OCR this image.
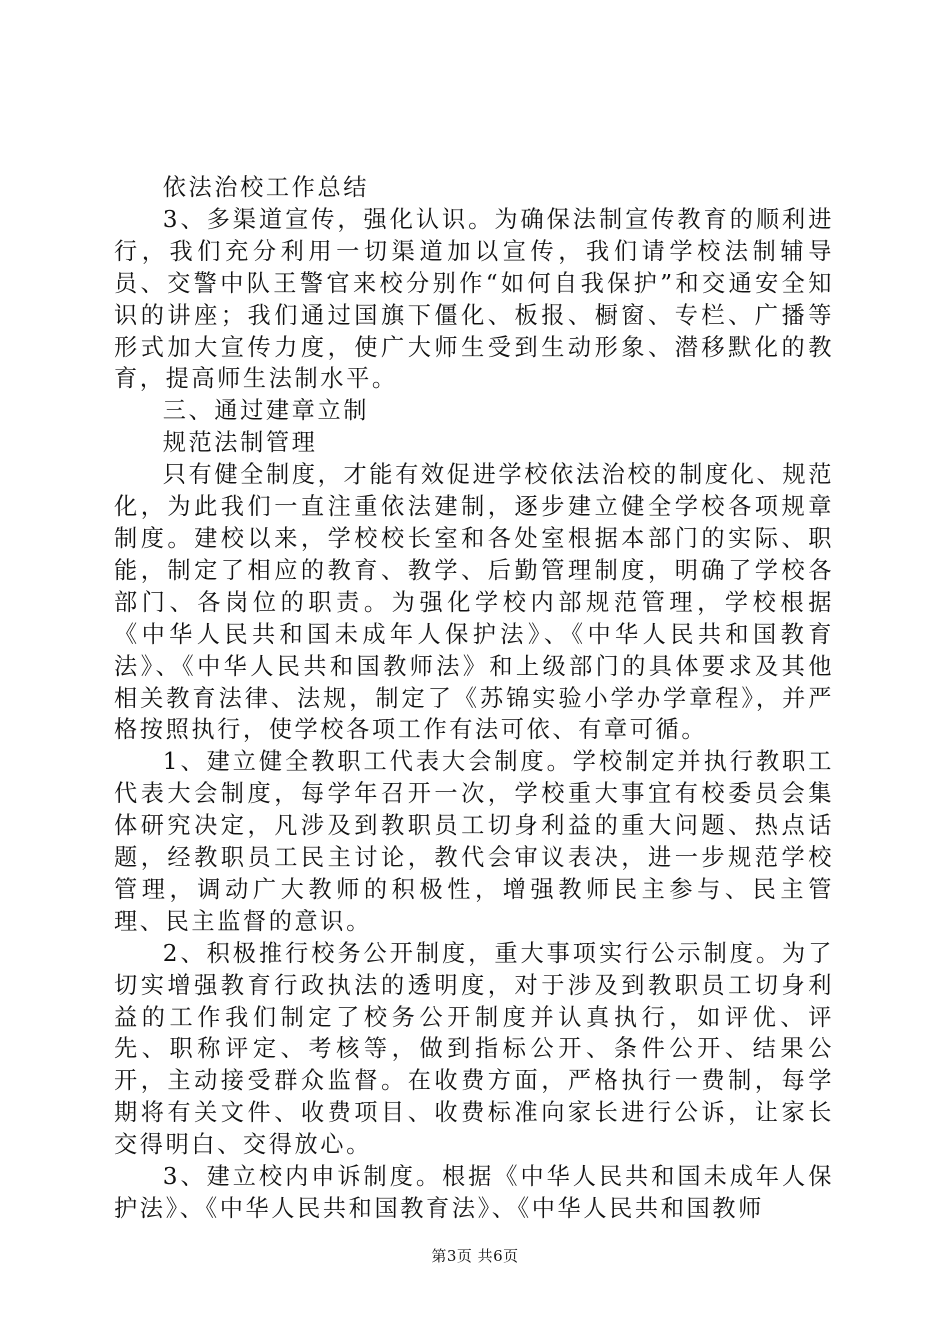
依法治校工作总结

3、多渠道宣传，强化认识。为确保法制宣传教育的顺利进行，我们充分利用一切渠道加以宣传，我们请学校法制辅导员、交警中队王警官来校分别作“如何自我保护”和交通安全知识的讲座；我们通过国旗下僵化、板报、橱窗、专栏、广播等形式加大宣传力度，使广大师生受到生动形象、潜移默化的教育，提高师生法制水平。

三、通过建章立制

规范法制管理

只有健全制度，才能有效促进学校依法治校的制度化、规范化，为此我们一直注重依法建制，逐步建立健全学校各项规章制度。建校以来，学校校长室和各处室根据本部门的实际、职能，制定了相应的教育、教学、后勤管理制度，明确了学校各部门、各岗位的职责。为强化学校内部规范管理，学校根据《中华人民共和国未成年人保护法》、《中华人民共和国教育法》、《中华人民共和国教师法》和上级部门的具体要求及其他相关教育法律、法规，制定了《苏锦实验小学办学章程》，并严格按照执行，使学校各项工作有法可依、有章可循。

1、建立健全教职工代表大会制度。学校制定并执行教职工代表大会制度，每学年召开一次，学校重大事宜有校委员会集体研究决定，凡涉及到教职员工切身利益的重大问题、热点话题，经教职员工民主讨论，教代会审议表决，进一步规范学校管理，调动广大教师的积极性，增强教师民主参与、民主管理、民主监督的意识。

2、积极推行校务公开制度，重大事项实行公示制度。为了切实增强教育行政执法的透明度，对于涉及到教职员工切身利益的工作我们制定了校务公开制度并认真执行，如评优、评先、职称评定、考核等，做到指标公开、条件公开、结果公开，主动接受群众监督。在收费方面，严格执行一费制，每学期将有关文件、收费项目、收费标准向家长进行公诉，让家长交得明白、交得放心。

3、建立校内申诉制度。根据《中华人民共和国未成年人保护法》、《中华人民共和国教育法》、《中华人民共和国教师

第3页 共6页
